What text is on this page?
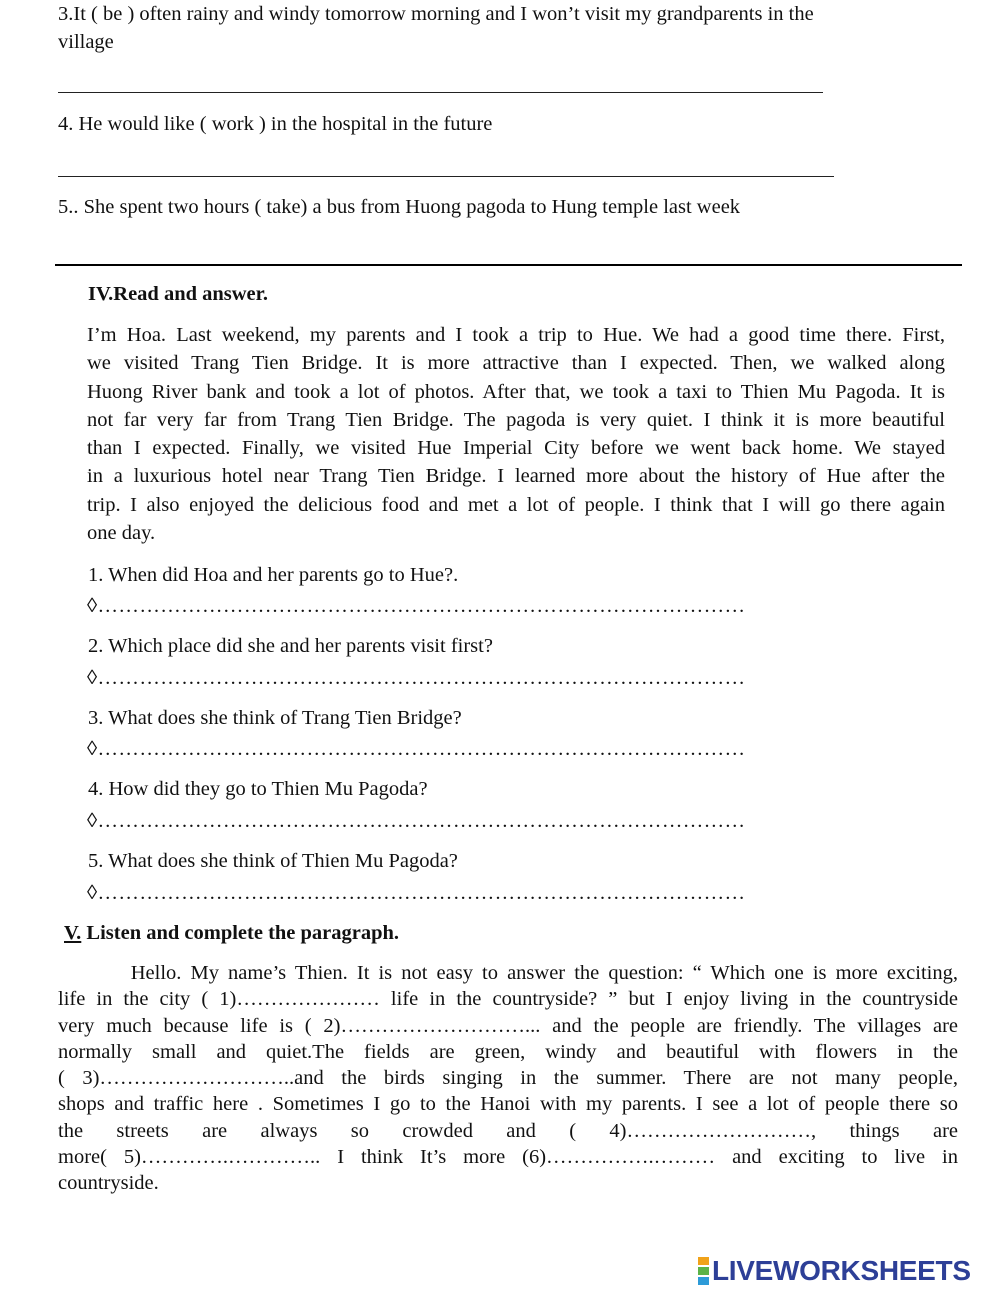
3.It ( be ) often rainy and windy tomorrow morning and I won’t visit my grandparents in the
village
4. He would like ( work ) in the hospital in the future
5.. She spent two hours ( take) a bus from Huong pagoda to Hung temple last week
IV.Read and answer.
I’m Hoa. Last weekend, my parents and I took a trip to Hue. We had a good time there. First,
we visited Trang Tien Bridge. It is more attractive than I expected. Then, we walked along
Huong River bank and took a lot of photos. After that, we took a taxi to Thien Mu Pagoda. It is
not far very far from Trang Tien Bridge. The pagoda is very quiet. I think it is more beautiful
than I expected. Finally, we visited Hue Imperial City before we went back home. We stayed
in a luxurious hotel near Trang Tien Bridge. I learned more about the history of Hue after the
trip. I also enjoyed the delicious food and met a lot of people. I think that I will go there again
one day.
1. When did Hoa and her parents go to Hue?.
◊…………………………………………………………………………………
2. Which place did she and her parents visit first?
◊…………………………………………………………………………………
3. What does she think of Trang Tien Bridge?
◊…………………………………………………………………………………
4. How did they go to Thien Mu Pagoda?
◊…………………………………………………………………………………
5. What does she think of Thien Mu Pagoda?
◊…………………………………………………………………………………
V. Listen and complete the paragraph.
Hello. My name’s Thien. It is not easy to answer the question: “ Which one is more exciting,
life in the city ( 1)………………… life in the countryside? ” but I enjoy living in the countryside
very much because life is ( 2)………………………... and the people are friendly. The villages are
normally small and quiet.The fields are green, windy and beautiful with flowers in the
( 3)………………………..and the birds singing in the summer. There are not many people,
shops and traffic here . Sometimes I go to the Hanoi with my parents. I see a lot of people there so
the streets are always so crowded and ( 4)………………………, things are
more( 5)………….………….. I think It’s more (6)…………….……… and exciting to live in
countryside.
LIVEWORKSHEETS
